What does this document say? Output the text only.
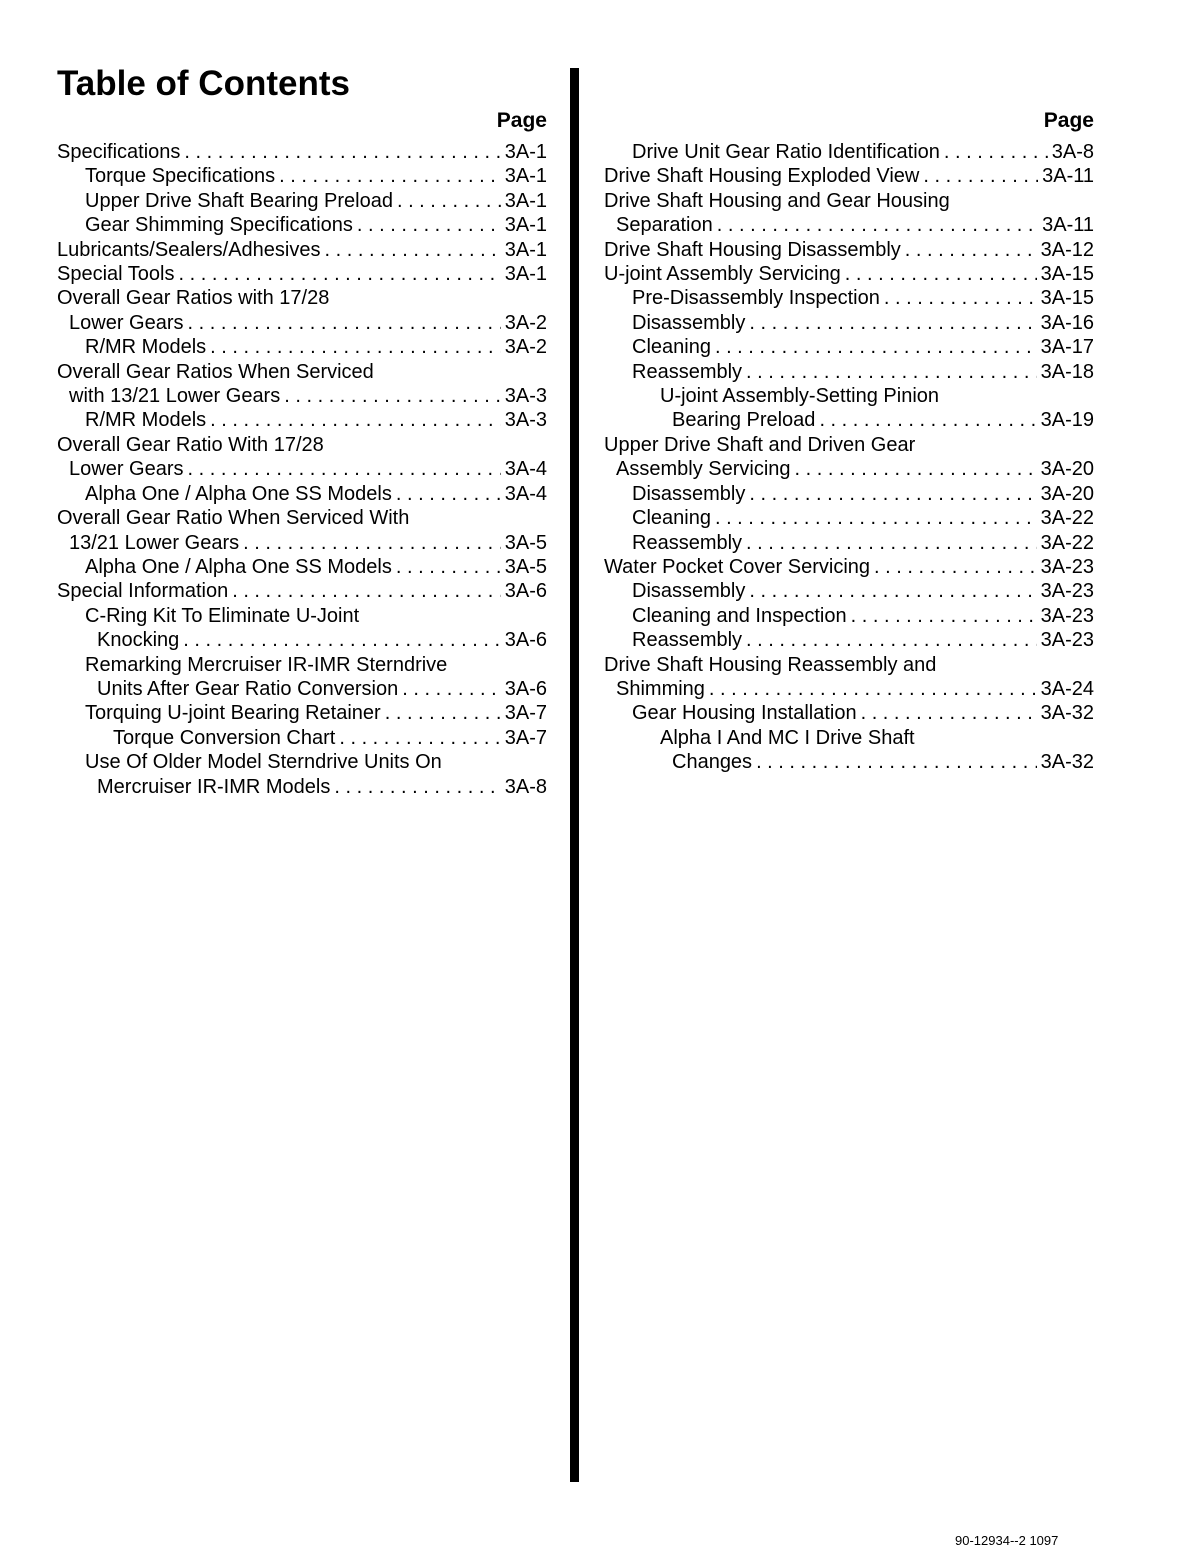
Table of Contents
Page
Specifications . . .	3A-1
Torque Specifications . . .	3A-1
Upper Drive Shaft Bearing Preload . . .	3A-1
Gear Shimming Specifications . . .	3A-1
Lubricants/Sealers/Adhesives . . .	3A-1
Special Tools . . .	3A-1
Overall Gear Ratios with 17/28
Lower Gears . . .	3A-2
R/MR Models . . .	3A-2
Overall Gear Ratios When Serviced
with 13/21 Lower Gears . . .	3A-3
R/MR Models . . .	3A-3
Overall Gear Ratio With 17/28
Lower Gears . . .	3A-4
Alpha One / Alpha One SS Models . . .	3A-4
Overall Gear Ratio When Serviced With
13/21 Lower Gears . . .	3A-5
Alpha One / Alpha One SS Models . . .	3A-5
Special Information . . .	3A-6
C-Ring Kit To Eliminate U-Joint
Knocking . . .	3A-6
Remarking Mercruiser IR-IMR Sterndrive
Units After Gear Ratio Conversion . . .	3A-6
Torquing U-joint Bearing Retainer . . .	3A-7
Torque Conversion Chart . . .	3A-7
Use Of Older Model Sterndrive Units On
Mercruiser IR-IMR Models . . .	3A-8
Page
Drive Unit Gear Ratio Identification . . .	3A-8
Drive Shaft Housing Exploded View . . .	3A-11
Drive Shaft Housing and Gear Housing
Separation . . .	3A-11
Drive Shaft Housing Disassembly . . .	3A-12
U-joint Assembly Servicing . . .	3A-15
Pre-Disassembly Inspection . . .	3A-15
Disassembly . . .	3A-16
Cleaning . . .	3A-17
Reassembly . . .	3A-18
U-joint Assembly-Setting Pinion
Bearing Preload . . .	3A-19
Upper Drive Shaft and Driven Gear
Assembly Servicing . . .	3A-20
Disassembly . . .	3A-20
Cleaning . . .	3A-22
Reassembly . . .	3A-22
Water Pocket Cover Servicing . . .	3A-23
Disassembly . . .	3A-23
Cleaning and Inspection . . .	3A-23
Reassembly . . .	3A-23
Drive Shaft Housing Reassembly and
Shimming . . .	3A-24
Gear Housing Installation . . .	3A-32
Alpha I And MC I Drive Shaft
Changes . . .	3A-32
90-12934--2 1097
